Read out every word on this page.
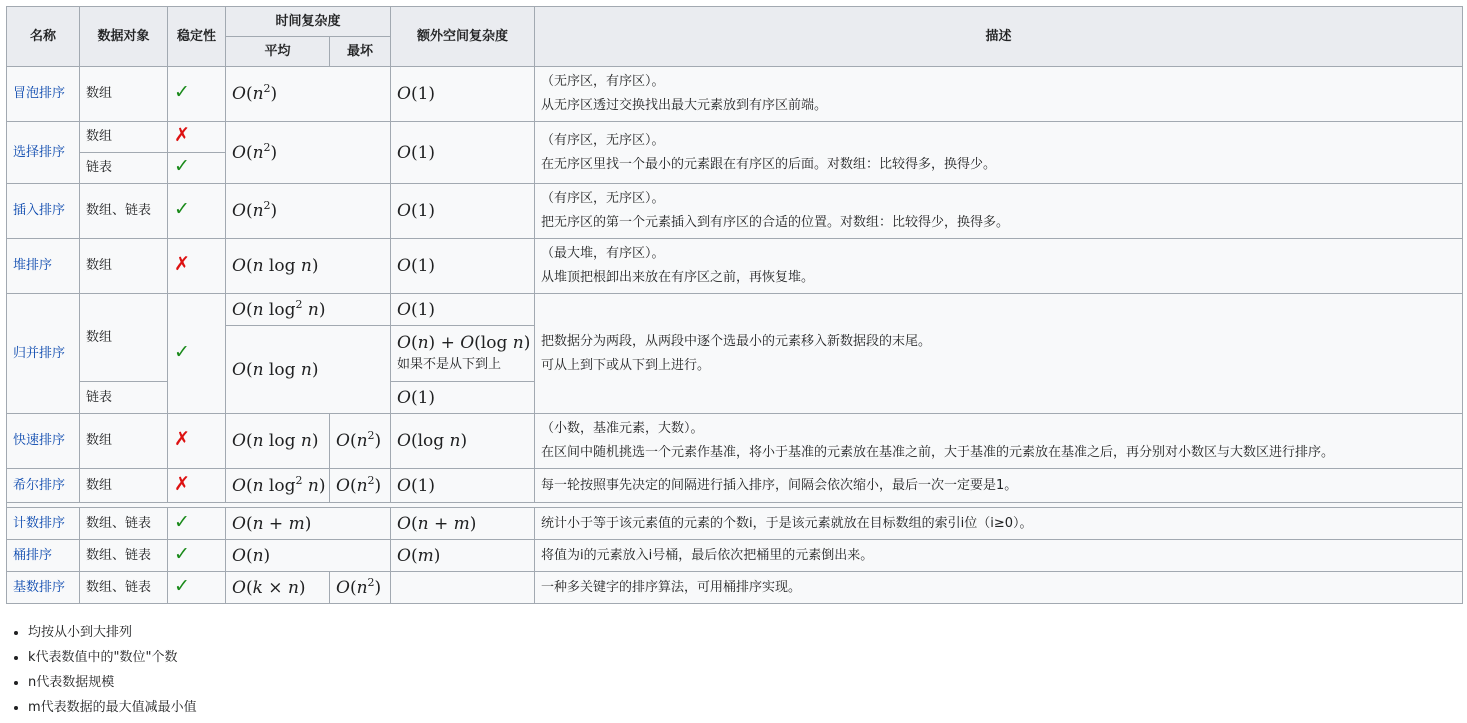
名称	数据对象	稳定性	时间复杂度		额外空间复杂度	描述
			平均	最坏		
冒泡排序	数组	✓	$O(n^2)$		O(1)	（无序区，有序区）。
从无序区透过交换找出最大元素放到有序区前端。

选择排序	数组	✗	$O(n^2)$		O(1)	（有序区，无序区）。
在无序区里找一个最小的元素跟在有序区的后面。对数组：比较得多，换得少。

	链表	✓				
插入排序	数组、链表	✓	$O(n^2)$		O(1)	（有序区，无序区）。
把无序区的第一个元素插入到有序区的合适的位置。对数组：比较得少，换得多。

堆排序	数组	✗	O(n log n)		O(1)	（最大堆，有序区）。
从堆顶把根卸出来放在有序区之前，再恢复堆。

归并排序	数组	✓	O(n $\log^2 n$)		O(1)	把数据分为两段，从两段中逐个选最小的元素移入新数据段的末尾。
可从上到下或从下到上进行。

			O(n log n)		O(n) + O(log n)
如果不是从下到上	
	链表				O(1)	
快速排序	数组	✗	O(n log n)	$O(n^2)$	O(log n)	（小数，基准元素，大数）。
在区间中随机挑选一个元素作基准，将小于基准的元素放在基准之前，大于基准的元素放在基准之后，再分别对小数区与大数区进行排序。

希尔排序	数组	✗	O(n $\log^2 n$)	$O(n^2)$	O(1)	每一轮按照事先决定的间隔进行插入排序，间隔会依次缩小，最后一次一定要是1。

计数排序	数组、链表	✓	O(n + m)		O(n + m)	统计小于等于该元素值的元素的个数i，于是该元素就放在目标数组的索引i位（i≥0）。
桶排序	数组、链表	✓	O(n)		O(m)	将值为i的元素放入i号桶，最后依次把桶里的元素倒出来。
基数排序	数组、链表	✓	O(k × n)	$O(n^2)$		一种多关键字的排序算法，可用桶排序实现。
• 均按从小到大排列
• k代表数值中的"数位"个数
• n代表数据规模
• m代表数据的最大值减最小值
